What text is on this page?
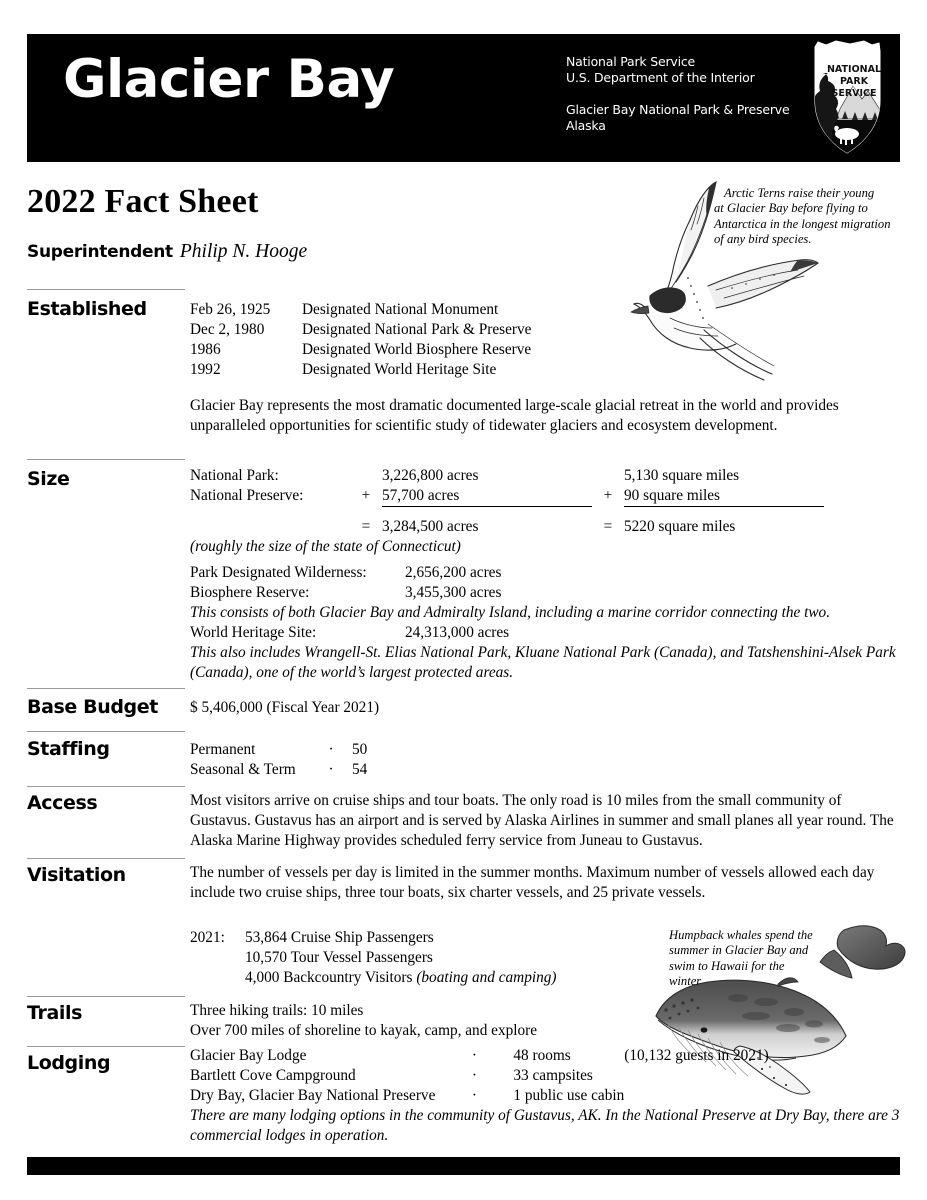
Glacier Bay	National Park Service
U.S. Department of the Interior
Glacier Bay National Park & Preserve
Alaska
NATIONAL
PARK
SERVICE
2022 Fact Sheet
Superintendent Philip N. Hooge
Arctic Terns raise their young
at Glacier Bay before flying to
Antarctica in the longest migration
of any bird species.
Established	Feb 26, 1925	Designated National Monument
Dec 2, 1980	Designated National Park & Preserve
1986	Designated World Biosphere Reserve
1992	Designated World Heritage Site
Glacier Bay represents the most dramatic documented large-scale glacial retreat in the world and provides unparalleled opportunities for scientific study of tidewater glaciers and ecosystem development.
Size	National Park:		3,226,800 acres		5,130 square miles
National Preserve:	+	57,700 acres	+	90 square miles

	=	3,284,500 acres	=	5220 square miles
(roughly the size of the state of Connecticut)				
Park Designated Wilderness:	2,656,200 acres
Biosphere Reserve:	3,455,300 acres
This consists of both Glacier Bay and Admiralty Island, including a marine corridor connecting the two.	
World Heritage Site:	24,313,000 acres
This also includes Wrangell-St. Elias National Park, Kluane National Park (Canada), and Tatshenshini-Alsek Park (Canada), one of the world’s largest protected areas.	
Base Budget $ 5,406,000 (Fiscal Year 2021)
Staffing	Permanent	·	50
Seasonal & Term	·	54
Access	Most visitors arrive on cruise ships and tour boats. The only road is 10 miles from the small community of Gustavus. Gustavus has an airport and is served by Alaska Airlines in summer and small planes all year round. The Alaska Marine Highway provides scheduled ferry service from Juneau to Gustavus.
Visitation	The number of vessels per day is limited in the summer months. Maximum number of vessels allowed each day include two cruise ships, three tour boats, six charter vessels, and 25 private vessels.
2021:	53,864 Cruise Ship Passengers
	10,570 Tour Vessel Passengers
	4,000 Backcountry Visitors (boating and camping)
Humpback whales spend the
summer in Glacier Bay and
swim to Hawaii for the
winter
Trails	Three hiking trails: 10 miles
Over 700 miles of shoreline to kayak, camp, and explore
Lodging	Glacier Bay Lodge	·	48 rooms	(10,132 guests in 2021)
Bartlett Cove Campground	·	33 campsites	
Dry Bay, Glacier Bay National Preserve	·	1 public use cabin	
There are many lodging options in the community of Gustavus, AK. In the National Preserve at Dry Bay, there are 3 commercial lodges in operation.			
